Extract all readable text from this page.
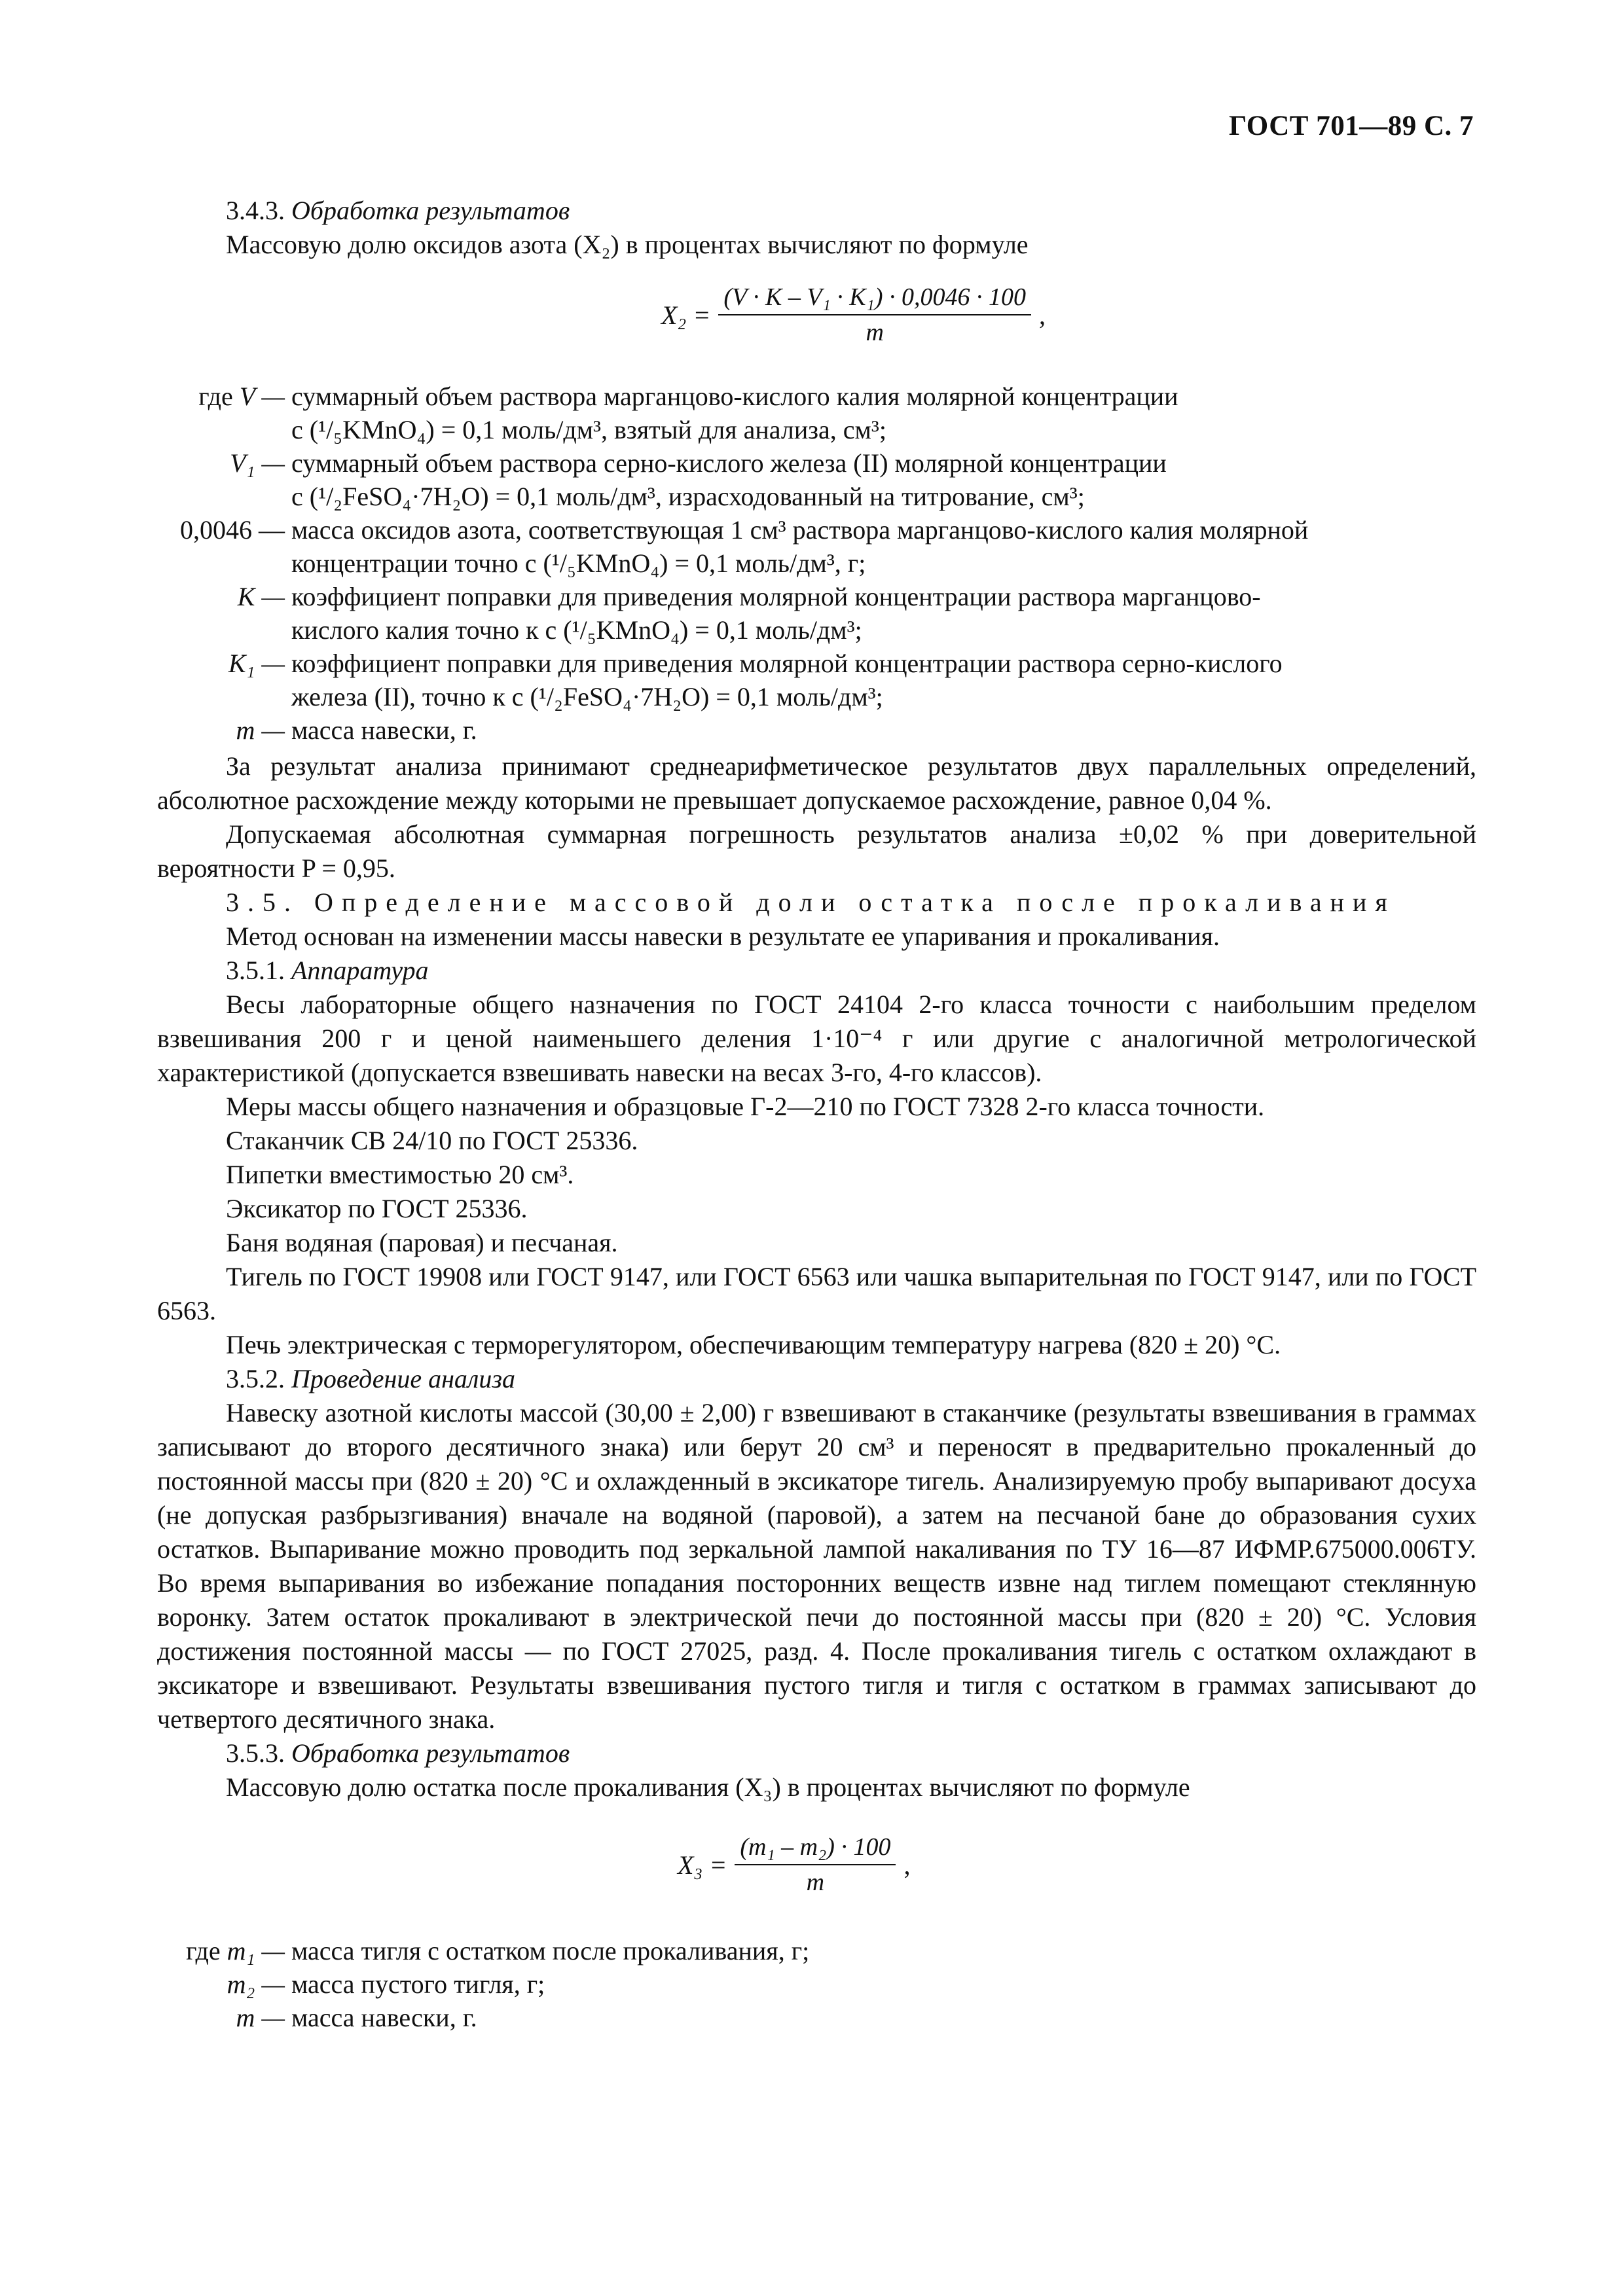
ГОСТ 701—89 С. 7

3.4.3. Обработка результатов

Массовую долю оксидов азота (X₂) в процентах вычисляют по формуле

$X_2 = \frac{\text{(V · K – V₁ · K₁) · 0,0046 · 100}}{m}$ ,
где V — суммарный объем раствора марганцово-кислого калия молярной концентрации
c (¹/₅KMnO₄) = 0,1 моль/дм³, взятый для анализа, см³;
V₁ — суммарный объем раствора серно-кислого железа (II) молярной концентрации
c (¹/₂FeSO₄·7H₂O) = 0,1 моль/дм³, израсходованный на титрование, см³;
0,0046 — масса оксидов азота, соответствующая 1 см³ раствора марганцово-кислого калия молярной
концентрации точно c (¹/₅KMnO₄) = 0,1 моль/дм³, г;
K — коэффициент поправки для приведения молярной концентрации раствора марганцово-
кислого калия точно к c (¹/₅KMnO₄) = 0,1 моль/дм³;
K₁ — коэффициент поправки для приведения молярной концентрации раствора серно-кислого
железа (II), точно к c (¹/₂FeSO₄·7H₂O) = 0,1 моль/дм³;
m — масса навески, г.

За результат анализа принимают среднеарифметическое результатов двух параллельных определений, абсолютное расхождение между которыми не превышает допускаемое расхождение, равное 0,04 %.

Допускаемая абсолютная суммарная погрешность результатов анализа ±0,02 % при доверительной вероятности P = 0,95.

3.5. Определение массовой доли остатка после прокаливания

Метод основан на изменении массы навески в результате ее упаривания и прокаливания.

3.5.1. Аппаратура

Весы лабораторные общего назначения по ГОСТ 24104 2-го класса точности с наибольшим пределом взвешивания 200 г и ценой наименьшего деления 1·10⁻⁴ г или другие с аналогичной метрологической характеристикой (допускается взвешивать навески на весах 3-го, 4-го классов).

Меры массы общего назначения и образцовые Г-2—210 по ГОСТ 7328 2-го класса точности.

Стаканчик СВ 24/10 по ГОСТ 25336.

Пипетки вместимостью 20 см³.

Эксикатор по ГОСТ 25336.

Баня водяная (паровая) и песчаная.

Тигель по ГОСТ 19908 или ГОСТ 9147, или ГОСТ 6563 или чашка выпарительная по ГОСТ 9147, или по ГОСТ 6563.

Печь электрическая с терморегулятором, обеспечивающим температуру нагрева (820 ± 20) °С.

3.5.2. Проведение анализа

Навеску азотной кислоты массой (30,00 ± 2,00) г взвешивают в стаканчике (результаты взвешивания в граммах записывают до второго десятичного знака) или берут 20 см³ и переносят в предварительно прокаленный до постоянной массы при (820 ± 20) °С и охлажденный в эксикаторе тигель. Анализируемую пробу выпаривают досуха (не допуская разбрызгивания) вначале на водяной (паровой), а затем на песчаной бане до образования сухих остатков. Выпаривание можно проводить под зеркальной лампой накаливания по ТУ 16—87 ИФМР.675000.006ТУ. Во время выпаривания во избежание попадания посторонних веществ извне над тиглем помещают стеклянную воронку. Затем остаток прокаливают в электрической печи до постоянной массы при (820 ± 20) °С. Условия достижения постоянной массы — по ГОСТ 27025, разд. 4. После прокаливания тигель с остатком охлаждают в эксикаторе и взвешивают. Результаты взвешивания пустого тигля и тигля с остатком в граммах записывают до четвертого десятичного знака.

3.5.3. Обработка результатов

Массовую долю остатка после прокаливания (X₃) в процентах вычисляют по формуле

$X_3 = \frac{\text{(m₁ – m₂) · 100}}{m}$ ,
где m₁ — масса тигля с остатком после прокаливания, г;
m₂ — масса пустого тигля, г;
m — масса навески, г.
